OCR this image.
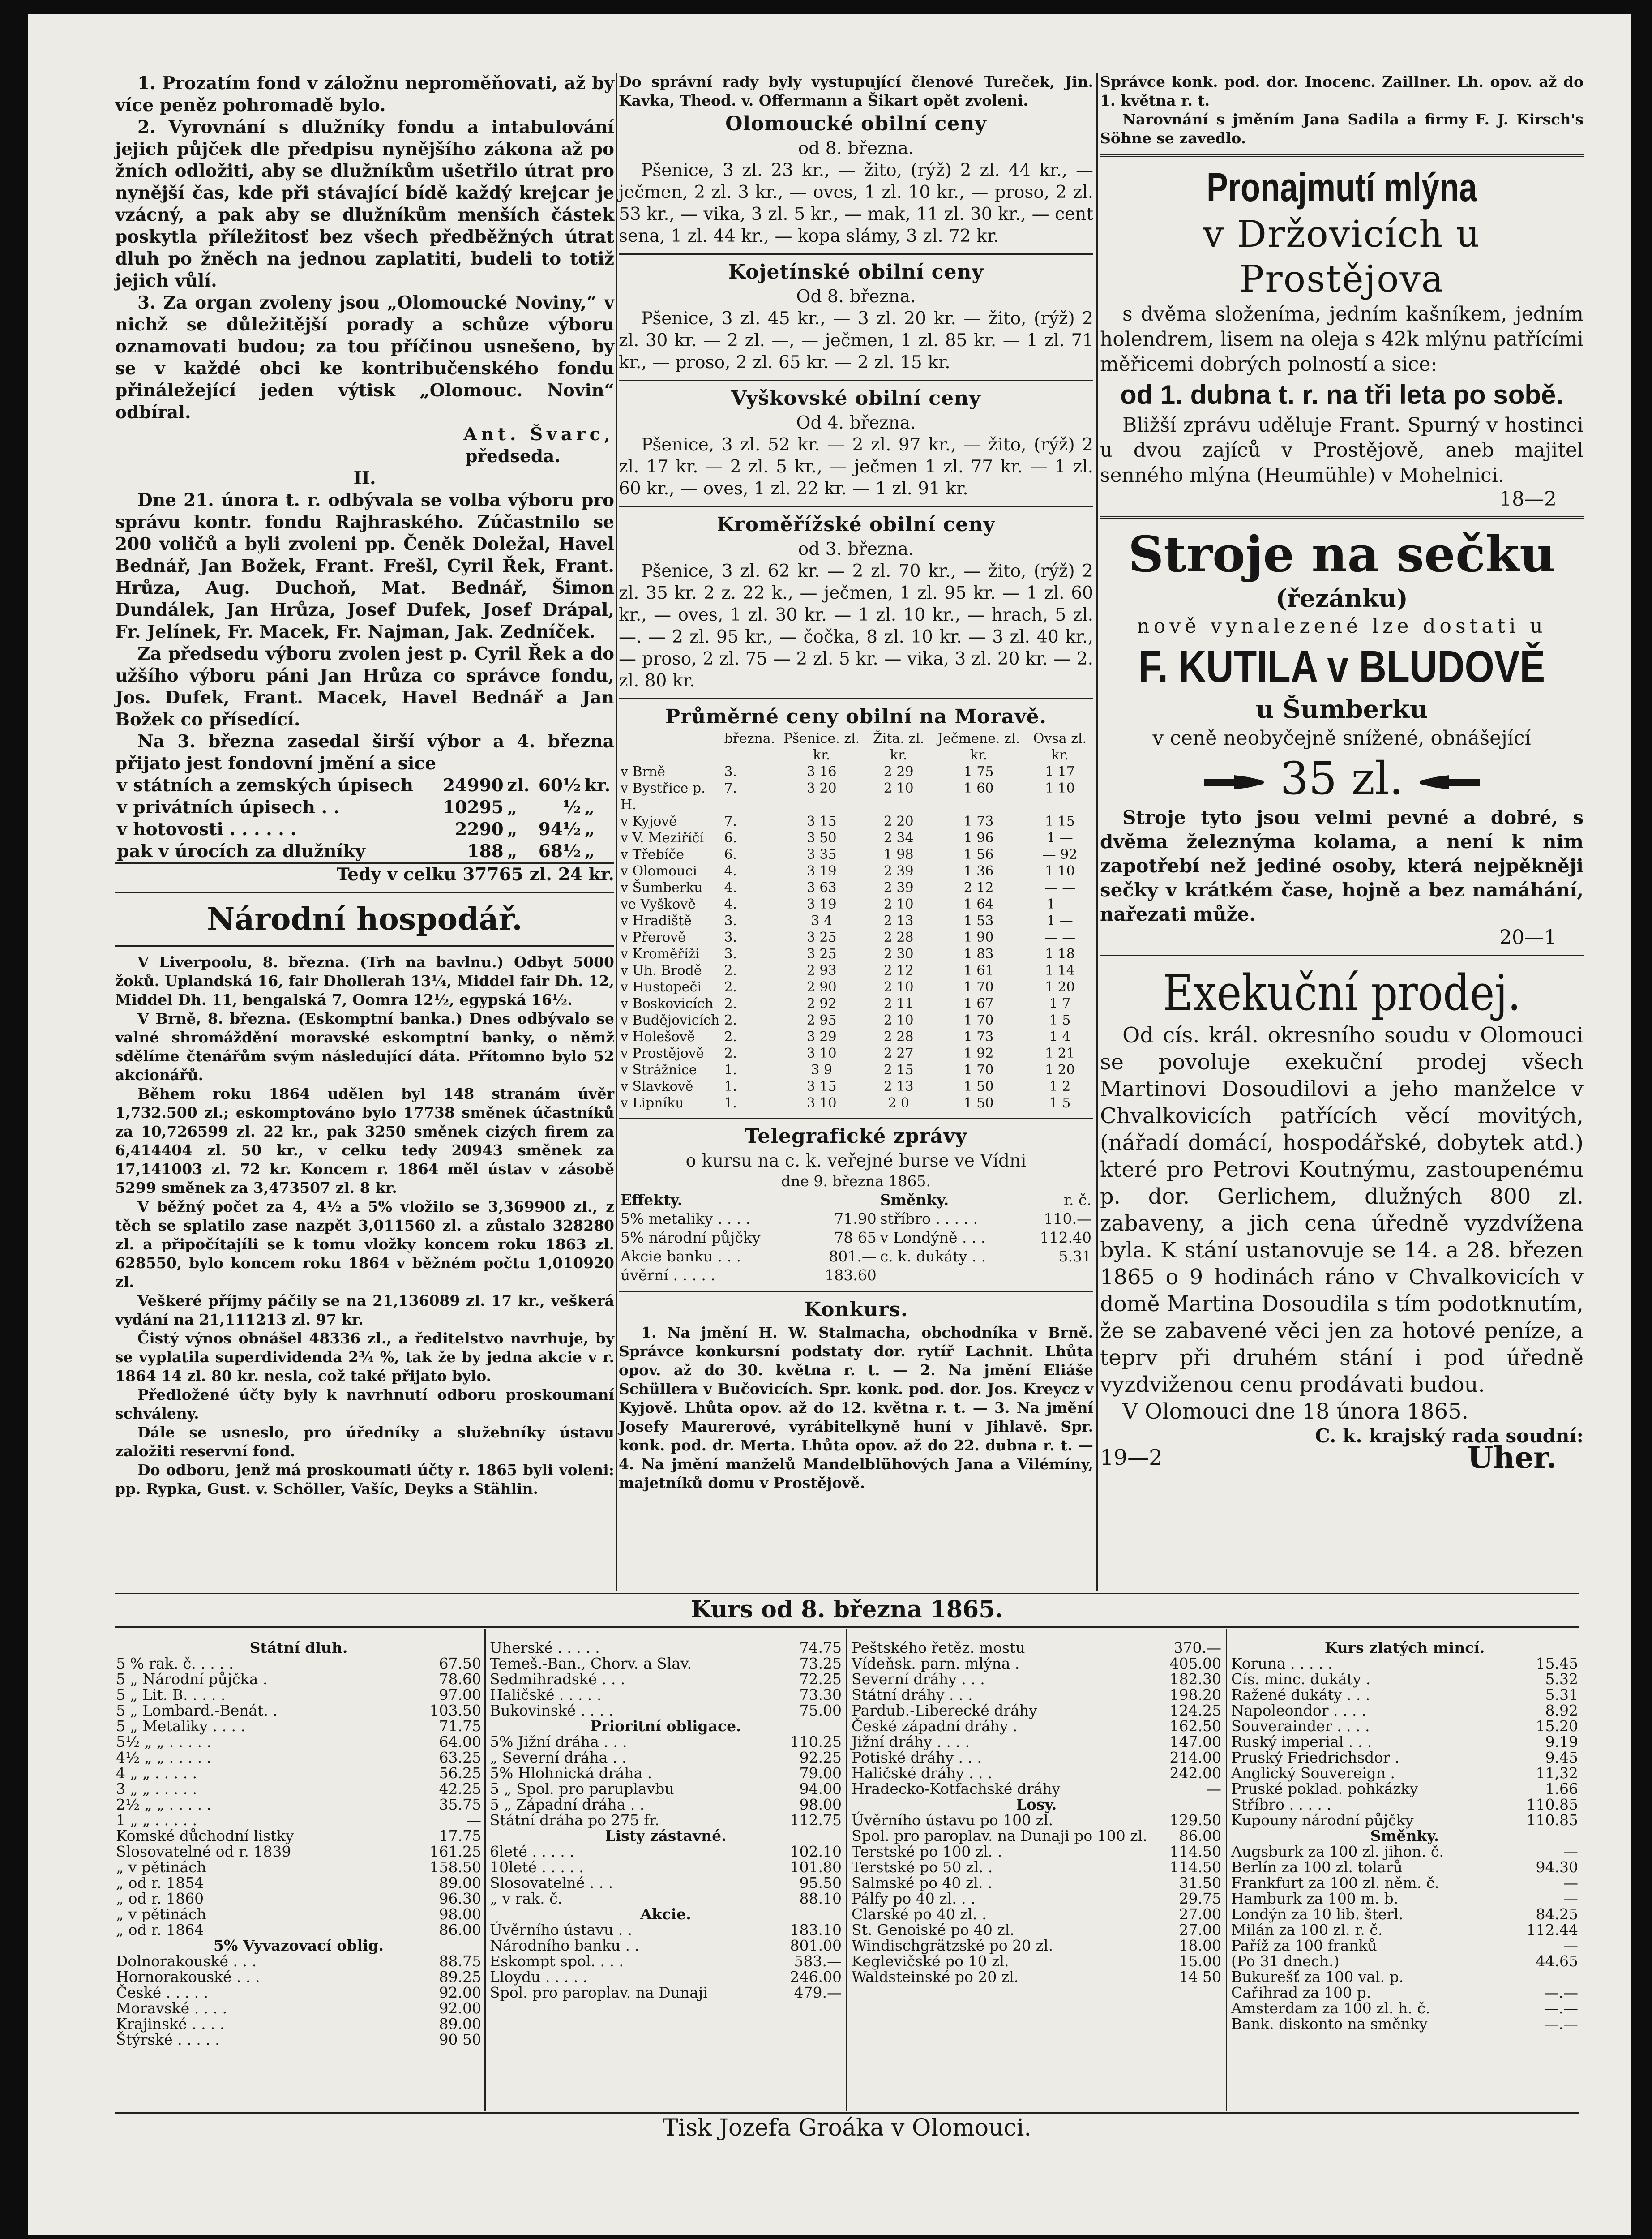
1. Prozatím fond v záložnu neproměňovati, až by více peněz pohromadě bylo.

2. Vyrovnání s dlužníky fondu a intabulování jejich půjček dle předpisu nynějšího zákona až po žních odložiti, aby se dlužníkům ušetřilo útrat pro nynější čas, kde při stávající bídě každý krejcar je vzácný, a pak aby se dlužníkům menších částek poskytla příležitosť bez všech předběžných útrat dluh po žněch na jednou zaplatiti, budeli to totiž jejich vůlí.

3. Za organ zvoleny jsou „Olomoucké Noviny,“ v nichž se důležitější porady a schůze výboru oznamovati budou; za tou příčinou usnešeno, by se v každé obci ke kontribučenského fondu přináležející jeden výtisk „Olomouc. Novin“ odbíral.

Ant. Švarc,

předseda.

II.

Dne 21. února t. r. odbývala se volba výboru pro správu kontr. fondu Rajhraského. Zúčastnilo se 200 voličů a byli zvoleni pp. Čeněk Doležal, Havel Bednář, Jan Božek, Frant. Frešl, Cyril Řek, Frant. Hrůza, Aug. Duchoň, Mat. Bednář, Šimon Dundálek, Jan Hrůza, Josef Dufek, Josef Drápal, Fr. Jelínek, Fr. Macek, Fr. Najman, Jak. Zedníček.

Za předsedu výboru zvolen jest p. Cyril Řek a do užšího výboru páni Jan Hrůza co správce fondu, Jos. Dufek, Frant. Macek, Havel Bednář a Jan Božek co přísedící.

Na 3. března zasedal širší výbor a 4. března přijato jest fondovní jmění a sice

v státních a zemských úpisech	24990	zl.	60½	kr.
v privátních úpisech . .	10295	„	½	„
v hotovosti . . . . . .	2290	„	94½	„
pak v úrocích za dlužníky	188	„	68½	„

Tedy v celku 37765 zl. 24 kr.

Národní hospodář.

V Liverpoolu, 8. března. (Trh na bavlnu.) Odbyt 5000 žoků. Uplandská 16, fair Dhollerah 13¼, Middel fair Dh. 12, Middel Dh. 11, bengalská 7, Oomra 12½, egypská 16½.

V Brně, 8. března. (Eskomptní banka.) Dnes odbývalo se valné shromáždění moravské eskomptní banky, o němž sdělíme čtenářům svým následující dáta. Přítomno bylo 52 akcionářů.

Během roku 1864 udělen byl 148 stranám úvěr 1,732.500 zl.; eskomptováno bylo 17738 směnek účastníků za 10,726599 zl. 22 kr., pak 3250 směnek cizých firem za 6,414404 zl. 50 kr., v celku tedy 20943 směnek za 17,141003 zl. 72 kr. Koncem r. 1864 měl ústav v zásobě 5299 směnek za 3,473507 zl. 8 kr.

V běžný počet za 4, 4½ a 5% vložilo se 3,369900 zl., z těch se splatilo zase nazpět 3,011560 zl. a zůstalo 328280 zl. a připočítajíli se k tomu vložky koncem roku 1863 zl. 628550, bylo koncem roku 1864 v běžném počtu 1,010920 zl.

Veškeré příjmy páčily se na 21,136089 zl. 17 kr., veškerá vydání na 21,111213 zl. 97 kr.

Čistý výnos obnášel 48336 zl., a ředitelstvo navrhuje, by se vyplatila superdividenda 2¾ %, tak že by jedna akcie v r. 1864 14 zl. 80 kr. nesla, což také přijato bylo.

Předložené účty byly k navrhnutí odboru proskoumaní schváleny.

Dále se usneslo, pro úředníky a služebníky ústavu založiti reservní fond.

Do odboru, jenž má proskoumati účty r. 1865 byli voleni: pp. Rypka, Gust. v. Schöller, Vašíc, Deyks a Stählin.

Do správní rady byly vystupující členové Tureček, Jin. Kavka, Theod. v. Offermann a Šikart opět zvoleni.

Olomoucké obilní ceny

od 8. března.

Pšenice, 3 zl. 23 kr., — žito, (rýž) 2 zl. 44 kr., — ječmen, 2 zl. 3 kr., — oves, 1 zl. 10 kr., — proso, 2 zl. 53 kr., — vika, 3 zl. 5 kr., — mak, 11 zl. 30 kr., — cent sena, 1 zl. 44 kr., — kopa slámy, 3 zl. 72 kr.

Kojetínské obilní ceny

Od 8. března.

Pšenice, 3 zl. 45 kr., — 3 zl. 20 kr. — žito, (rýž) 2 zl. 30 kr. — 2 zl. —, — ječmen, 1 zl. 85 kr. — 1 zl. 71 kr., — proso, 2 zl. 65 kr. — 2 zl. 15 kr.

Vyškovské obilní ceny

Od 4. března.

Pšenice, 3 zl. 52 kr. — 2 zl. 97 kr., — žito, (rýž) 2 zl. 17 kr. — 2 zl. 5 kr., — ječmen 1 zl. 77 kr. — 1 zl. 60 kr., — oves, 1 zl. 22 kr. — 1 zl. 91 kr.

Kroměřížské obilní ceny

od 3. března.

Pšenice, 3 zl. 62 kr. — 2 zl. 70 kr., — žito, (rýž) 2 zl. 35 kr. 2 z. 22 k., — ječmen, 1 zl. 95 kr. — 1 zl. 60 kr., — oves, 1 zl. 30 kr. — 1 zl. 10 kr., — hrach, 5 zl. —. — 2 zl. 95 kr., — čočka, 8 zl. 10 kr. — 3 zl. 40 kr., — proso, 2 zl. 75 — 2 zl. 5 kr. — vika, 3 zl. 20 kr. — 2. zl. 80 kr.

Průměrné ceny obilní na Moravě.

	března.	Pšenice. zl. kr.	Žita. zl. kr.	Ječmene. zl. kr.	Ovsa zl. kr.
v Brně	3.	3 16	2 29	1 75	1 17
v Bystřice p. H.	7.	3 20	2 10	1 60	1 10
v Kyjově	7.	3 15	2 20	1 73	1 15
v V. Meziříčí	6.	3 50	2 34	1 96	1 —
v Třebíče	6.	3 35	1 98	1 56	— 92
v Olomouci	4.	3 19	2 39	1 36	1 10
v Šumberku	4.	3 63	2 39	2 12	— —
ve Vyškově	4.	3 19	2 10	1 64	1 —
v Hradiště	3.	3 4	2 13	1 53	1 —
v Přerově	3.	3 25	2 28	1 90	— —
v Kroměříži	3.	3 25	2 30	1 83	1 18
v Uh. Brodě	2.	2 93	2 12	1 61	1 14
v Hustopeči	2.	2 90	2 10	1 70	1 20
v Boskovicích	2.	2 92	2 11	1 67	1 7
v Budějovicích	2.	2 95	2 10	1 70	1 5
v Holešově	2.	3 29	2 28	1 73	1 4
v Prostějově	2.	3 10	2 27	1 92	1 21
v Strážnice	1.	3 9	2 15	1 70	1 20
v Slavkově	1.	3 15	2 13	1 50	1 2
v Lipníku	1.	3 10	2 0	1 50	1 5

Telegrafické zprávy

o kursu na c. k. veřejné burse ve Vídni

dne 9. března 1865.

Effekty.		Směnky.	r. č.
5% metaliky . . . .	71.90	stříbro . . . . .	110.—
5% národní půjčky	78 65	v Londýně . . .	112.40
Akcie banku . . .	801.—	c. k. dukáty . .	5.31
úvěrní . . . . .	183.60		

Konkurs.

1. Na jmění H. W. Stalmacha, obchodníka v Brně. Správce konkursní podstaty dor. rytíř Lachnit. Lhůta opov. až do 30. května r. t. — 2. Na jmění Eliáše Schüllera v Bučovicích. Spr. konk. pod. dor. Jos. Kreycz v Kyjově. Lhůta opov. až do 12. května r. t. — 3. Na jmění Josefy Maurerové, vyrábitelkyně huní v Jihlavě. Spr. konk. pod. dr. Merta. Lhůta opov. až do 22. dubna r. t. — 4. Na jmění manželů Mandelblühových Jana a Vilémíny, majetníků domu v Prostějově.

Správce konk. pod. dor. Inocenc. Zaillner. Lh. opov. až do 1. května r. t.

Narovnání s jměním Jana Sadila a firmy F. J. Kirsch's Söhne se zavedlo.

Pronajmutí mlýna

v Držovicích u Prostějova

s dvěma složeníma, jedním kašníkem, jedním holendrem, lisem na oleja s 42k mlýnu patřícími měřicemi dobrých polností a sice:

od 1. dubna t. r. na tři leta po sobě.

Bližší zprávu uděluje Frant. Spurný v hostinci u dvou zajíců v Prostějově, aneb majitel senného mlýna (Heumühle) v Mohelnici.

18—2

Stroje na sečku

(řezánku)

nově vynalezené lze dostati u

F. KUTILA v BLUDOVĚ

u Šumberku

v ceně neobyčejně snížené, obnášející

35 zl.

Stroje tyto jsou velmi pevné a dobré, s dvěma železnýma kolama, a není k nim zapotřebí než jediné osoby, která nejpěkněji sečky v krátkém čase, hojně a bez namáhání, nařezati může.

20—1

Exekuční prodej.

Od cís. král. okresního soudu v Olomouci se povoluje exekuční prodej všech Martinovi Dosoudilovi a jeho manželce v Chvalkovicích patřících věcí movitých, (nářadí domácí, hospodářské, dobytek atd.) které pro Petrovi Koutnýmu, zastoupenému p. dor. Gerlichem, dlužných 800 zl. zabaveny, a jich cena úředně vyzdvížena byla. K stání ustanovuje se 14. a 28. březen 1865 o 9 hodinách ráno v Chvalkovicích v domě Martina Dosoudila s tím podotknutím, že se zabavené věci jen za hotové peníze, a teprv při druhém stání i pod úředně vyzdviženou cenu prodávati budou.

V Olomouci dne 18 února 1865.

C. k. krajský rada soudní:

19—2	Uher.

Kurs od 8. března 1865.

Státní dluh.

5 % rak. č. . . . .	67.50
5 „ Národní půjčka .	78.60
5 „ Lit. B. . . . .	97.00
5 „ Lombard.-Benát. .	103.50
5 „ Metaliky . . . .	71.75
5½ „ „ . . . . .	64.00
4½ „ „ . . . . .	63.25
4 „ „ . . . . .	56.25
3 „ „ . . . . .	42.25
2½ „ „ . . . . .	35.75
1 „ „ . . . . .	—
Komské důchodní listky	17.75
Slosovatelné od r. 1839	161.25
„ v pětinách	158.50
„ od r. 1854	89.00
„ od r. 1860	96.30
„ v pětinách	98.00
„ od r. 1864	86.00

5% Vyvazovací oblig.	
Dolnorakouské . . .	88.75
Hornorakouské . . .	89.25
České . . . . .	92.00
Moravské . . . .	92.00
Krajinské . . . .	89.00
Štýrské . . . . .	90 50
Uherské . . . . .	74.75
Temeš.-Ban., Chorv. a Slav.	73.25
Sedmihradské . . .	72.25
Haličské . . . . .	73.30
Bukovinské . . . .	75.00
Prioritní obligace.	
5% Jižní dráha . . .	110.25
„ Severní dráha . .	92.25
5% Hlohnická dráha .	79.00
5 „ Spol. pro paruplavbu	94.00
5 „ Západní dráha . .	98.00
Státní dráha po 275 fr.	112.75
Listy zástavné.	
6leté . . . . .	102.10
10leté . . . . .	101.80
Slosovatelné . . .	95.50
„ v rak. č.	88.10
Akcie.	
Úvěrního ústavu . .	183.10
Národního banku . .	801.00
Eskompt spol. . . .	583.—
Lloydu . . . . .	246.00
Spol. pro paroplav. na Dunaji	479.—
Peštského řetěz. mostu	370.—
Vídeňsk. parn. mlýna .	405.00
Severní dráhy . . .	182.30
Státní dráhy . . .	198.20
Pardub.-Liberecké dráhy	124.25
České západní dráhy .	162.50
Jižní dráhy . . . .	147.00
Potiské dráhy . . .	214.00
Haličské dráhy . . .	242.00
Hradecko-Kotfachské dráhy	—
Losy.	
Úvěrního ústavu po 100 zl.	129.50
Spol. pro paroplav. na Dunaji po 100 zl.	86.00
Terstské po 100 zl. .	114.50
Terstské po 50 zl. .	114.50
Salmské po 40 zl. .	31.50
Pálfy po 40 zl. . .	29.75
Clarské po 40 zl. .	27.00
St. Genoiské po 40 zl.	27.00
Windischgrätzské po 20 zl.	18.00
Keglevičské po 10 zl.	15.00
Waldsteinské po 20 zl.	14 50

Kurs zlatých mincí.

Koruna . . . . .	15.45
Cís. minc. dukáty .	5.32
Ražené dukáty . . .	5.31
Napoleondor . . . .	8.92
Souverainder . . . .	15.20
Ruský imperial . . .	9.19
Pruský Friedrichsdor .	9.45
Anglický Souvereign .	11,32
Pruské poklad. pohkázky	1.66
Stříbro . . . . .	110.85
Kupouny národní půjčky	110.85
Směnky.	
Augsburk za 100 zl. jihon. č.	—
Berlín za 100 zl. tolarů	94.30
Frankfurt za 100 zl. něm. č.	—
Hamburk za 100 m. b.	—
Londýn za 10 lib. šterl.	84.25
Milán za 100 zl. r. č.	112.44
Paříž za 100 franků	—
(Po 31 dnech.)	44.65
Bukurešť za 100 val. p.	
Cařihrad za 100 p.	—.—
Amsterdam za 100 zl. h. č.	—.—
Bank. diskonto na směnky	—.—
Tisk Jozefa Groáka v Olomouci.
